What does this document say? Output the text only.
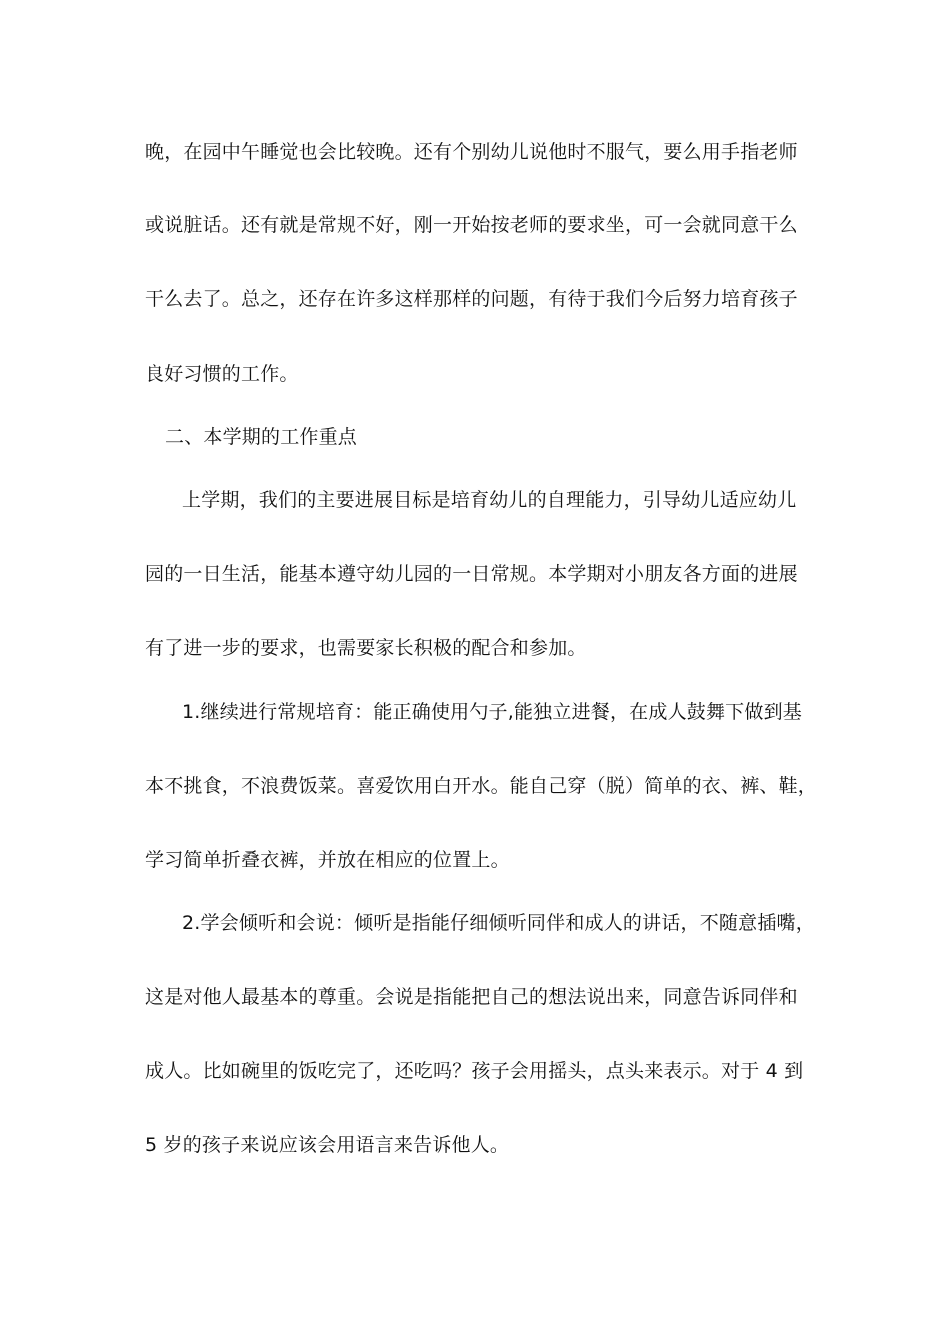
晚，在园中午睡觉也会比较晚。还有个别幼儿说他时不服气，要么用手指老师
或说脏话。还有就是常规不好，刚一开始按老师的要求坐，可一会就同意干么
干么去了。总之，还存在许多这样那样的问题，有待于我们今后努力培育孩子
良好习惯的工作。
二、本学期的工作重点
上学期，我们的主要进展目标是培育幼儿的自理能力，引导幼儿适应幼儿
园的一日生活，能基本遵守幼儿园的一日常规。本学期对小朋友各方面的进展
有了进一步的要求，也需要家长积极的配合和参加。
1.继续进行常规培育：能正确使用勺子,能独立进餐，在成人鼓舞下做到基
本不挑食，不浪费饭菜。喜爱饮用白开水。能自己穿（脱）简单的衣、裤、鞋，
学习简单折叠衣裤，并放在相应的位置上。
2.学会倾听和会说：倾听是指能仔细倾听同伴和成人的讲话，不随意插嘴，
这是对他人最基本的尊重。会说是指能把自己的想法说出来，同意告诉同伴和
成人。比如碗里的饭吃完了，还吃吗？孩子会用摇头，点头来表示。对于 4 到
5 岁的孩子来说应该会用语言来告诉他人。
